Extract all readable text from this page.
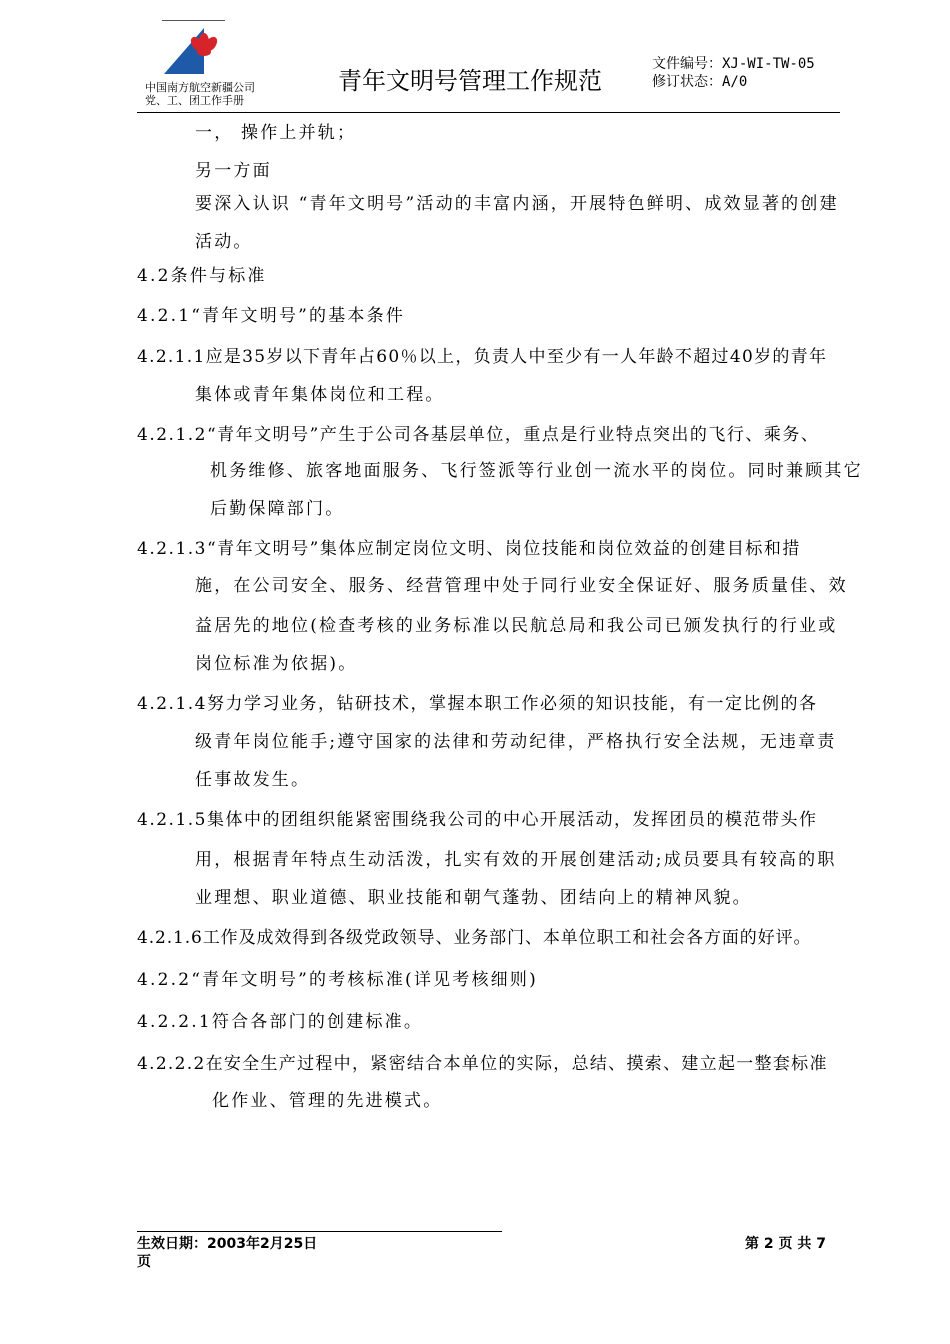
中国南方航空新疆公司
党、工、团工作手册
青年文明号管理工作规范
文件编号：XJ-WI-TW-05
修订状态：A/0
一， 操作上并轨；
另一方面
要深入认识 “青年文明号”活动的丰富内涵，开展特色鲜明、成效显著的创建
活动。
4.2条件与标准
4.2.1“青年文明号”的基本条件
4.2.1.1应是35岁以下青年占60％以上，负责人中至少有一人年龄不超过40岁的青年
集体或青年集体岗位和工程。
4.2.1.2“青年文明号”产生于公司各基层单位，重点是行业特点突出的飞行、乘务、
机务维修、旅客地面服务、飞行签派等行业创一流水平的岗位。同时兼顾其它
后勤保障部门。
4.2.1.3“青年文明号”集体应制定岗位文明、岗位技能和岗位效益的创建目标和措
施，在公司安全、服务、经营管理中处于同行业安全保证好、服务质量佳、效
益居先的地位(检查考核的业务标准以民航总局和我公司已颁发执行的行业或
岗位标准为依据)。
4.2.1.4努力学习业务，钻研技术，掌握本职工作必须的知识技能，有一定比例的各
级青年岗位能手;遵守国家的法律和劳动纪律，严格执行安全法规，无违章责
任事故发生。
4.2.1.5集体中的团组织能紧密围绕我公司的中心开展活动，发挥团员的模范带头作
用，根据青年特点生动活泼，扎实有效的开展创建活动;成员要具有较高的职
业理想、职业道德、职业技能和朝气蓬勃、团结向上的精神风貌。
4.2.1.6工作及成效得到各级党政领导、业务部门、本单位职工和社会各方面的好评。
4.2.2“青年文明号”的考核标准(详见考核细则)
4.2.2.1符合各部门的创建标准。
4.2.2.2在安全生产过程中，紧密结合本单位的实际，总结、摸索、建立起一整套标准
化作业、管理的先进模式。
生效日期：2003年2月25日
页
第 2 页 共 7
